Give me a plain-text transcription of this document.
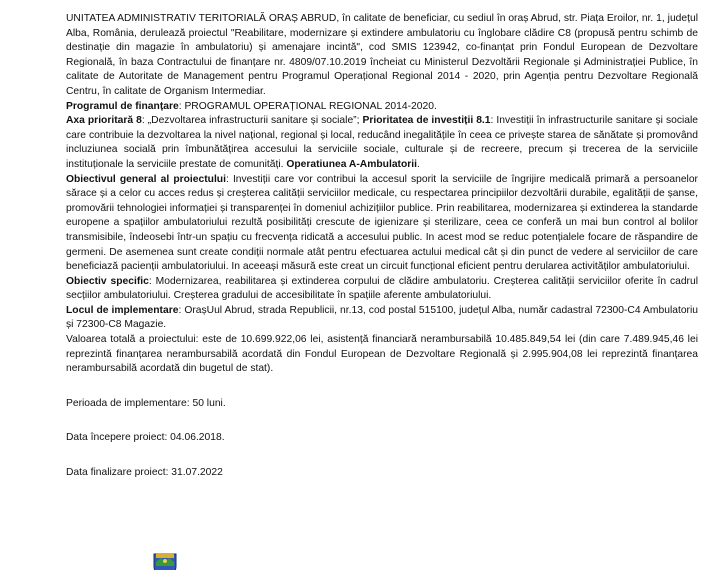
UNITATEA ADMINISTRATIV TERITORIALĂ ORAȘ ABRUD, în calitate de beneficiar, cu sediul în oraș Abrud, str. Piața Eroilor, nr. 1, județul Alba, România, derulează proiectul "Reabilitare, modernizare și extindere ambulatoriu cu înglobare clădire C8 (propusă pentru schimb de destinație din magazie în ambulatoriu) și amenajare incintă", cod SMIS 123942, co-finanțat prin Fondul European de Dezvoltare Regională, în baza Contractului de finanțare nr. 4809/07.10.2019 încheiat cu Ministerul Dezvoltării Regionale și Administrației Publice, în calitate de Autoritate de Management pentru Programul Operațional Regional 2014 - 2020, prin Agenția pentru Dezvoltare Regională Centru, în calitate de Organism Intermediar.

Programul de finanțare: PROGRAMUL OPERAȚIONAL REGIONAL 2014-2020.

Axa prioritară 8: „Dezvoltarea infrastructurii sanitare și sociale”; Prioritatea de investiții 8.1: Investiții în infrastructurile sanitare și sociale care contribuie la dezvoltarea la nivel național, regional și local, reducând inegalitățile în ceea ce privește starea de sănătate și promovând incluziunea socială prin îmbunătățirea accesului la serviciile sociale, culturale și de recreere, precum și trecerea de la serviciile instituționale la serviciile prestate de comunități. Operatiunea A-Ambulatorii.

Obiectivul general al proiectului: Investiții care vor contribui la accesul sporit la serviciile de îngrijire medicală primară a persoanelor sărace și a celor cu acces redus și creșterea calității serviciilor medicale, cu respectarea principiilor dezvoltării durabile, egalității de șanse, promovării tehnologiei informației și transparenței în domeniul achizițiilor publice. Prin reabilitarea, modernizarea și extinderea la standarde europene a spațiilor ambulatoriului rezultă posibilități crescute de igienizare și sterilizare, ceea ce conferă un mai bun control al bolilor transmisibile, îndeosebi într-un spațiu cu frecvența ridicată a accesului public. In acest mod se reduc potențialele focare de răspandire de germeni. De asemenea sunt create condiții normale atât pentru efectuarea actului medical cât și din punct de vedere al serviciilor de care beneficiază pacienții ambulatoriului. In aceeași măsură este creat un circuit funcțional eficient pentru derularea activităților ambulatoriului.

Obiectiv specific: Modernizarea, reabilitarea și extinderea corpului de clădire ambulatoriu. Creșterea calității serviciilor oferite în cadrul secțiilor ambulatoriului. Creșterea gradului de accesibilitate în spațiile aferente ambulatoriului.

Locul de implementare: OrașUul Abrud, strada Republicii, nr.13, cod postal 515100, județul Alba, număr cadastral 72300-C4 Ambulatoriu și 72300-C8 Magazie.

Valoarea totală a proiectului: este de 10.699.922,06 lei, asistență financiară nerambursabilă 10.485.849,54 lei (din care 7.489.945,46 lei reprezintă finanțarea nerambursabilă acordată din Fondul European de Dezvoltare Regională și 2.995.904,08 lei reprezintă finanțarea nerambursabilă acordată din bugetul de stat).

Perioada de implementare: 50 luni.

Data începere proiect: 04.06.2018.

Data finalizare proiect: 31.07.2022
